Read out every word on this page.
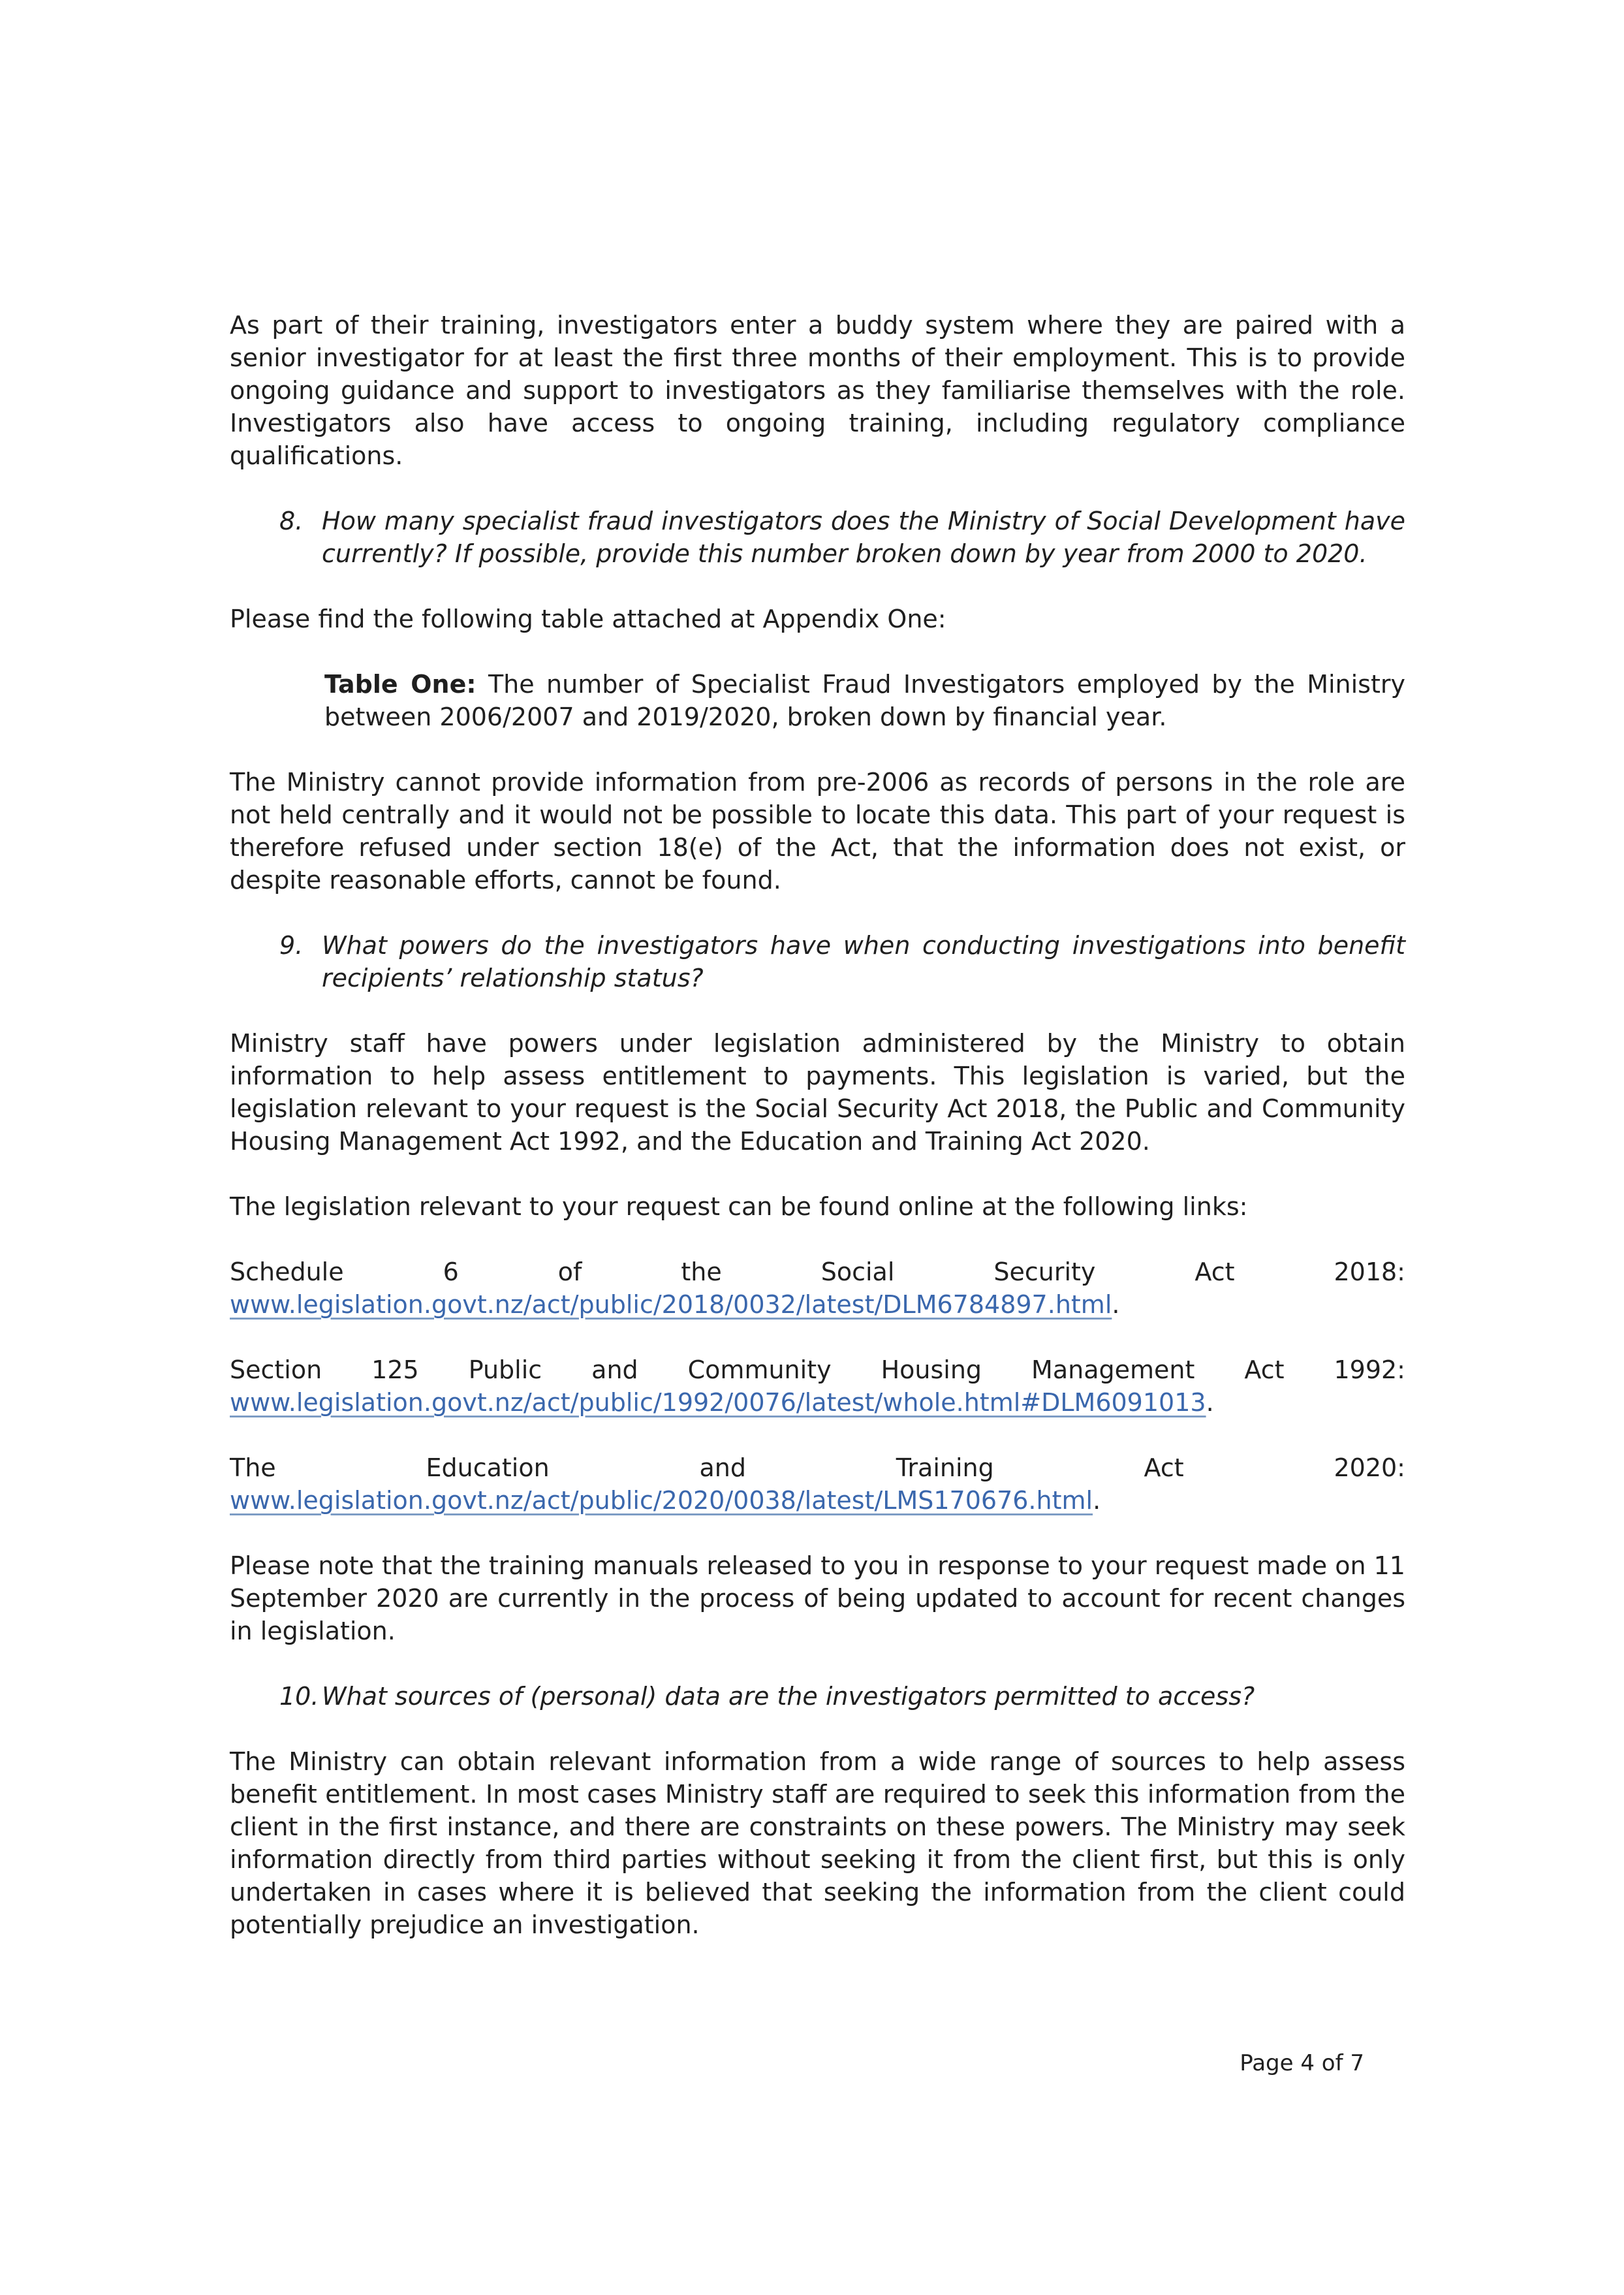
As part of their training, investigators enter a buddy system where they are paired with a senior investigator for at least the first three months of their employment. This is to provide ongoing guidance and support to investigators as they familiarise themselves with the role. Investigators also have access to ongoing training, including regulatory compliance qualifications.

8. How many specialist fraud investigators does the Ministry of Social Development have currently? If possible, provide this number broken down by year from 2000 to 2020.

Please find the following table attached at Appendix One:

Table One: The number of Specialist Fraud Investigators employed by the Ministry between 2006/2007 and 2019/2020, broken down by financial year.

The Ministry cannot provide information from pre-2006 as records of persons in the role are not held centrally and it would not be possible to locate this data. This part of your request is therefore refused under section 18(e) of the Act, that the information does not exist, or despite reasonable efforts, cannot be found.

9. What powers do the investigators have when conducting investigations into benefit recipients’ relationship status?

Ministry staff have powers under legislation administered by the Ministry to obtain information to help assess entitlement to payments. This legislation is varied, but the legislation relevant to your request is the Social Security Act 2018, the Public and Community Housing Management Act 1992, and the Education and Training Act 2020.

The legislation relevant to your request can be found online at the following links:

Schedule 6 of the Social Security Act 2018:
www.legislation.govt.nz/act/public/2018/0032/latest/DLM6784897.html.
Section 125 Public and Community Housing Management Act 1992:
www.legislation.govt.nz/act/public/1992/0076/latest/whole.html#DLM6091013.
The Education and Training Act 2020:
www.legislation.govt.nz/act/public/2020/0038/latest/LMS170676.html.

Please note that the training manuals released to you in response to your request made on 11 September 2020 are currently in the process of being updated to account for recent changes in legislation.

10. What sources of (personal) data are the investigators permitted to access?

The Ministry can obtain relevant information from a wide range of sources to help assess benefit entitlement. In most cases Ministry staff are required to seek this information from the client in the first instance, and there are constraints on these powers. The Ministry may seek information directly from third parties without seeking it from the client first, but this is only undertaken in cases where it is believed that seeking the information from the client could potentially prejudice an investigation.

Page 4 of 7
